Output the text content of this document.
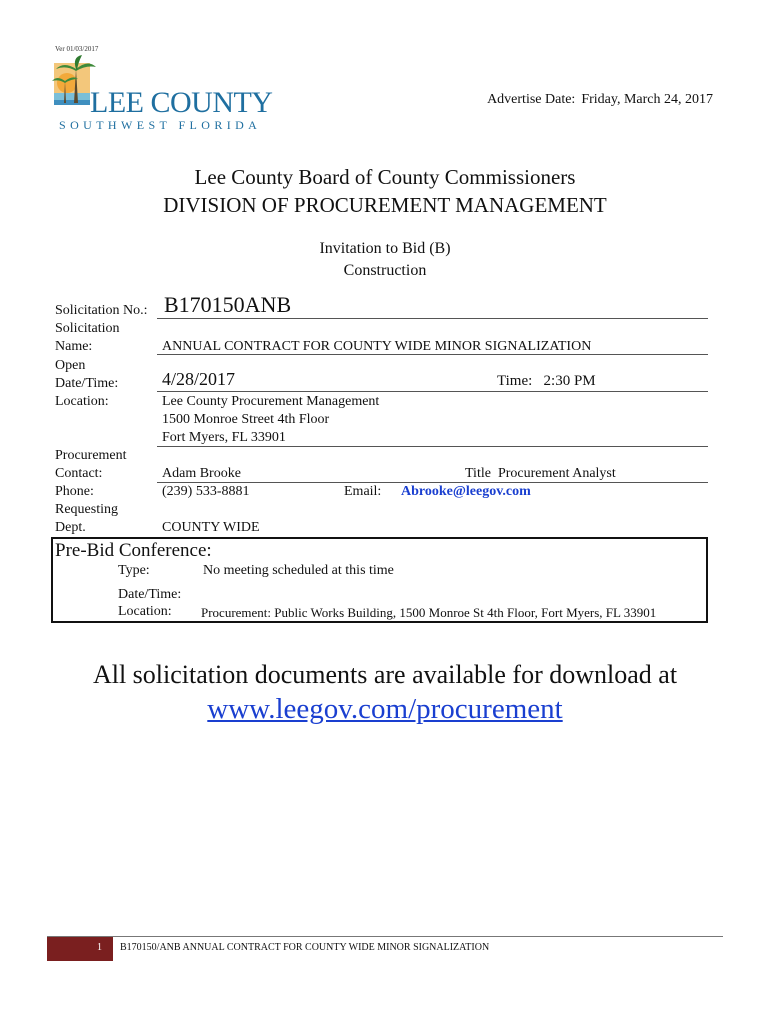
Ver 01/03/2017
LEE COUNTY
SOUTHWEST FLORIDA
Advertise Date: Friday, March 24, 2017
Lee County Board of County Commissioners
DIVISION OF PROCUREMENT MANAGEMENT
Invitation to Bid (B)
Construction
Solicitation No.: B170150ANB
Solicitation
Name:	ANNUAL CONTRACT FOR COUNTY WIDE MINOR SIGNALIZATION
Open
Date/Time: 4/28/2017	Time: 2:30 PM
Location:	Lee County Procurement Management
1500 Monroe Street 4th Floor
Fort Myers, FL 33901
Procurement
Contact:	Adam Brooke	Title Procurement Analyst
Phone:	(239) 533-8881	Email: Abrooke@leegov.com
Requesting
Dept.	COUNTY WIDE
Pre-Bid Conference:
Type:	No meeting scheduled at this time
Date/Time:
Location: Procurement: Public Works Building, 1500 Monroe St 4th Floor, Fort Myers, FL 33901
All solicitation documents are available for download at
www.leegov.com/procurement
1 B170150/ANB ANNUAL CONTRACT FOR COUNTY WIDE MINOR SIGNALIZATION
